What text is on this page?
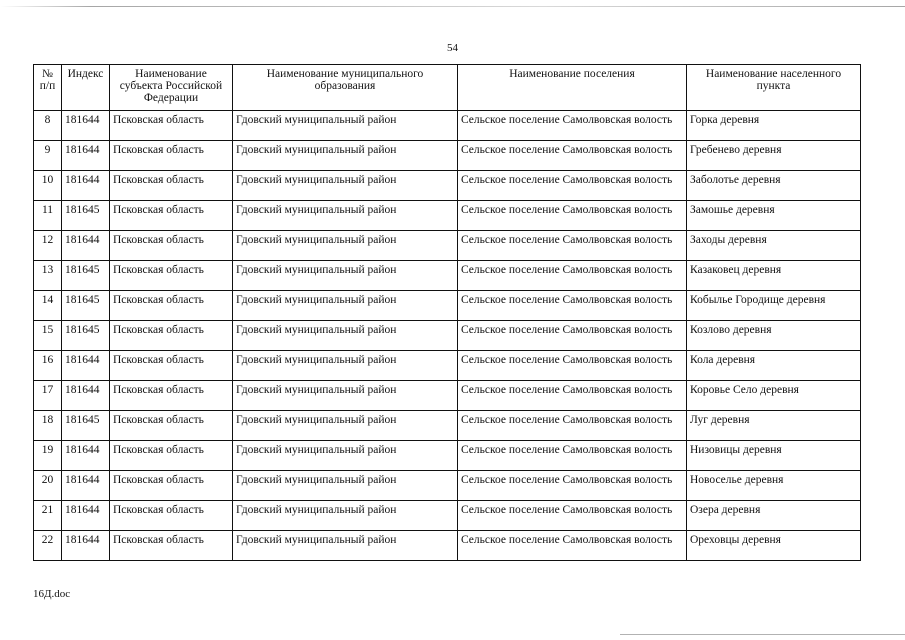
54
№ п/п	Индекс	Наименование субъекта Российской Федерации	Наименование муниципального образования	Наименование поселения	Наименование населенного пункта
8	181644	Псковская область	Гдовский муниципальный район	Сельское поселение Самолвовская волость	Горка деревня
9	181644	Псковская область	Гдовский муниципальный район	Сельское поселение Самолвовская волость	Гребенево деревня
10	181644	Псковская область	Гдовский муниципальный район	Сельское поселение Самолвовская волость	Заболотье деревня
11	181645	Псковская область	Гдовский муниципальный район	Сельское поселение Самолвовская волость	Замошье деревня
12	181644	Псковская область	Гдовский муниципальный район	Сельское поселение Самолвовская волость	Заходы деревня
13	181645	Псковская область	Гдовский муниципальный район	Сельское поселение Самолвовская волость	Казаковец деревня
14	181645	Псковская область	Гдовский муниципальный район	Сельское поселение Самолвовская волость	Кобылье Городище деревня
15	181645	Псковская область	Гдовский муниципальный район	Сельское поселение Самолвовская волость	Козлово деревня
16	181644	Псковская область	Гдовский муниципальный район	Сельское поселение Самолвовская волость	Кола деревня
17	181644	Псковская область	Гдовский муниципальный район	Сельское поселение Самолвовская волость	Коровье Село деревня
18	181645	Псковская область	Гдовский муниципальный район	Сельское поселение Самолвовская волость	Луг деревня
19	181644	Псковская область	Гдовский муниципальный район	Сельское поселение Самолвовская волость	Низовицы деревня
20	181644	Псковская область	Гдовский муниципальный район	Сельское поселение Самолвовская волость	Новоселье деревня
21	181644	Псковская область	Гдовский муниципальный район	Сельское поселение Самолвовская волость	Озера деревня
22	181644	Псковская область	Гдовский муниципальный район	Сельское поселение Самолвовская волость	Ореховцы деревня
16Д.doc
